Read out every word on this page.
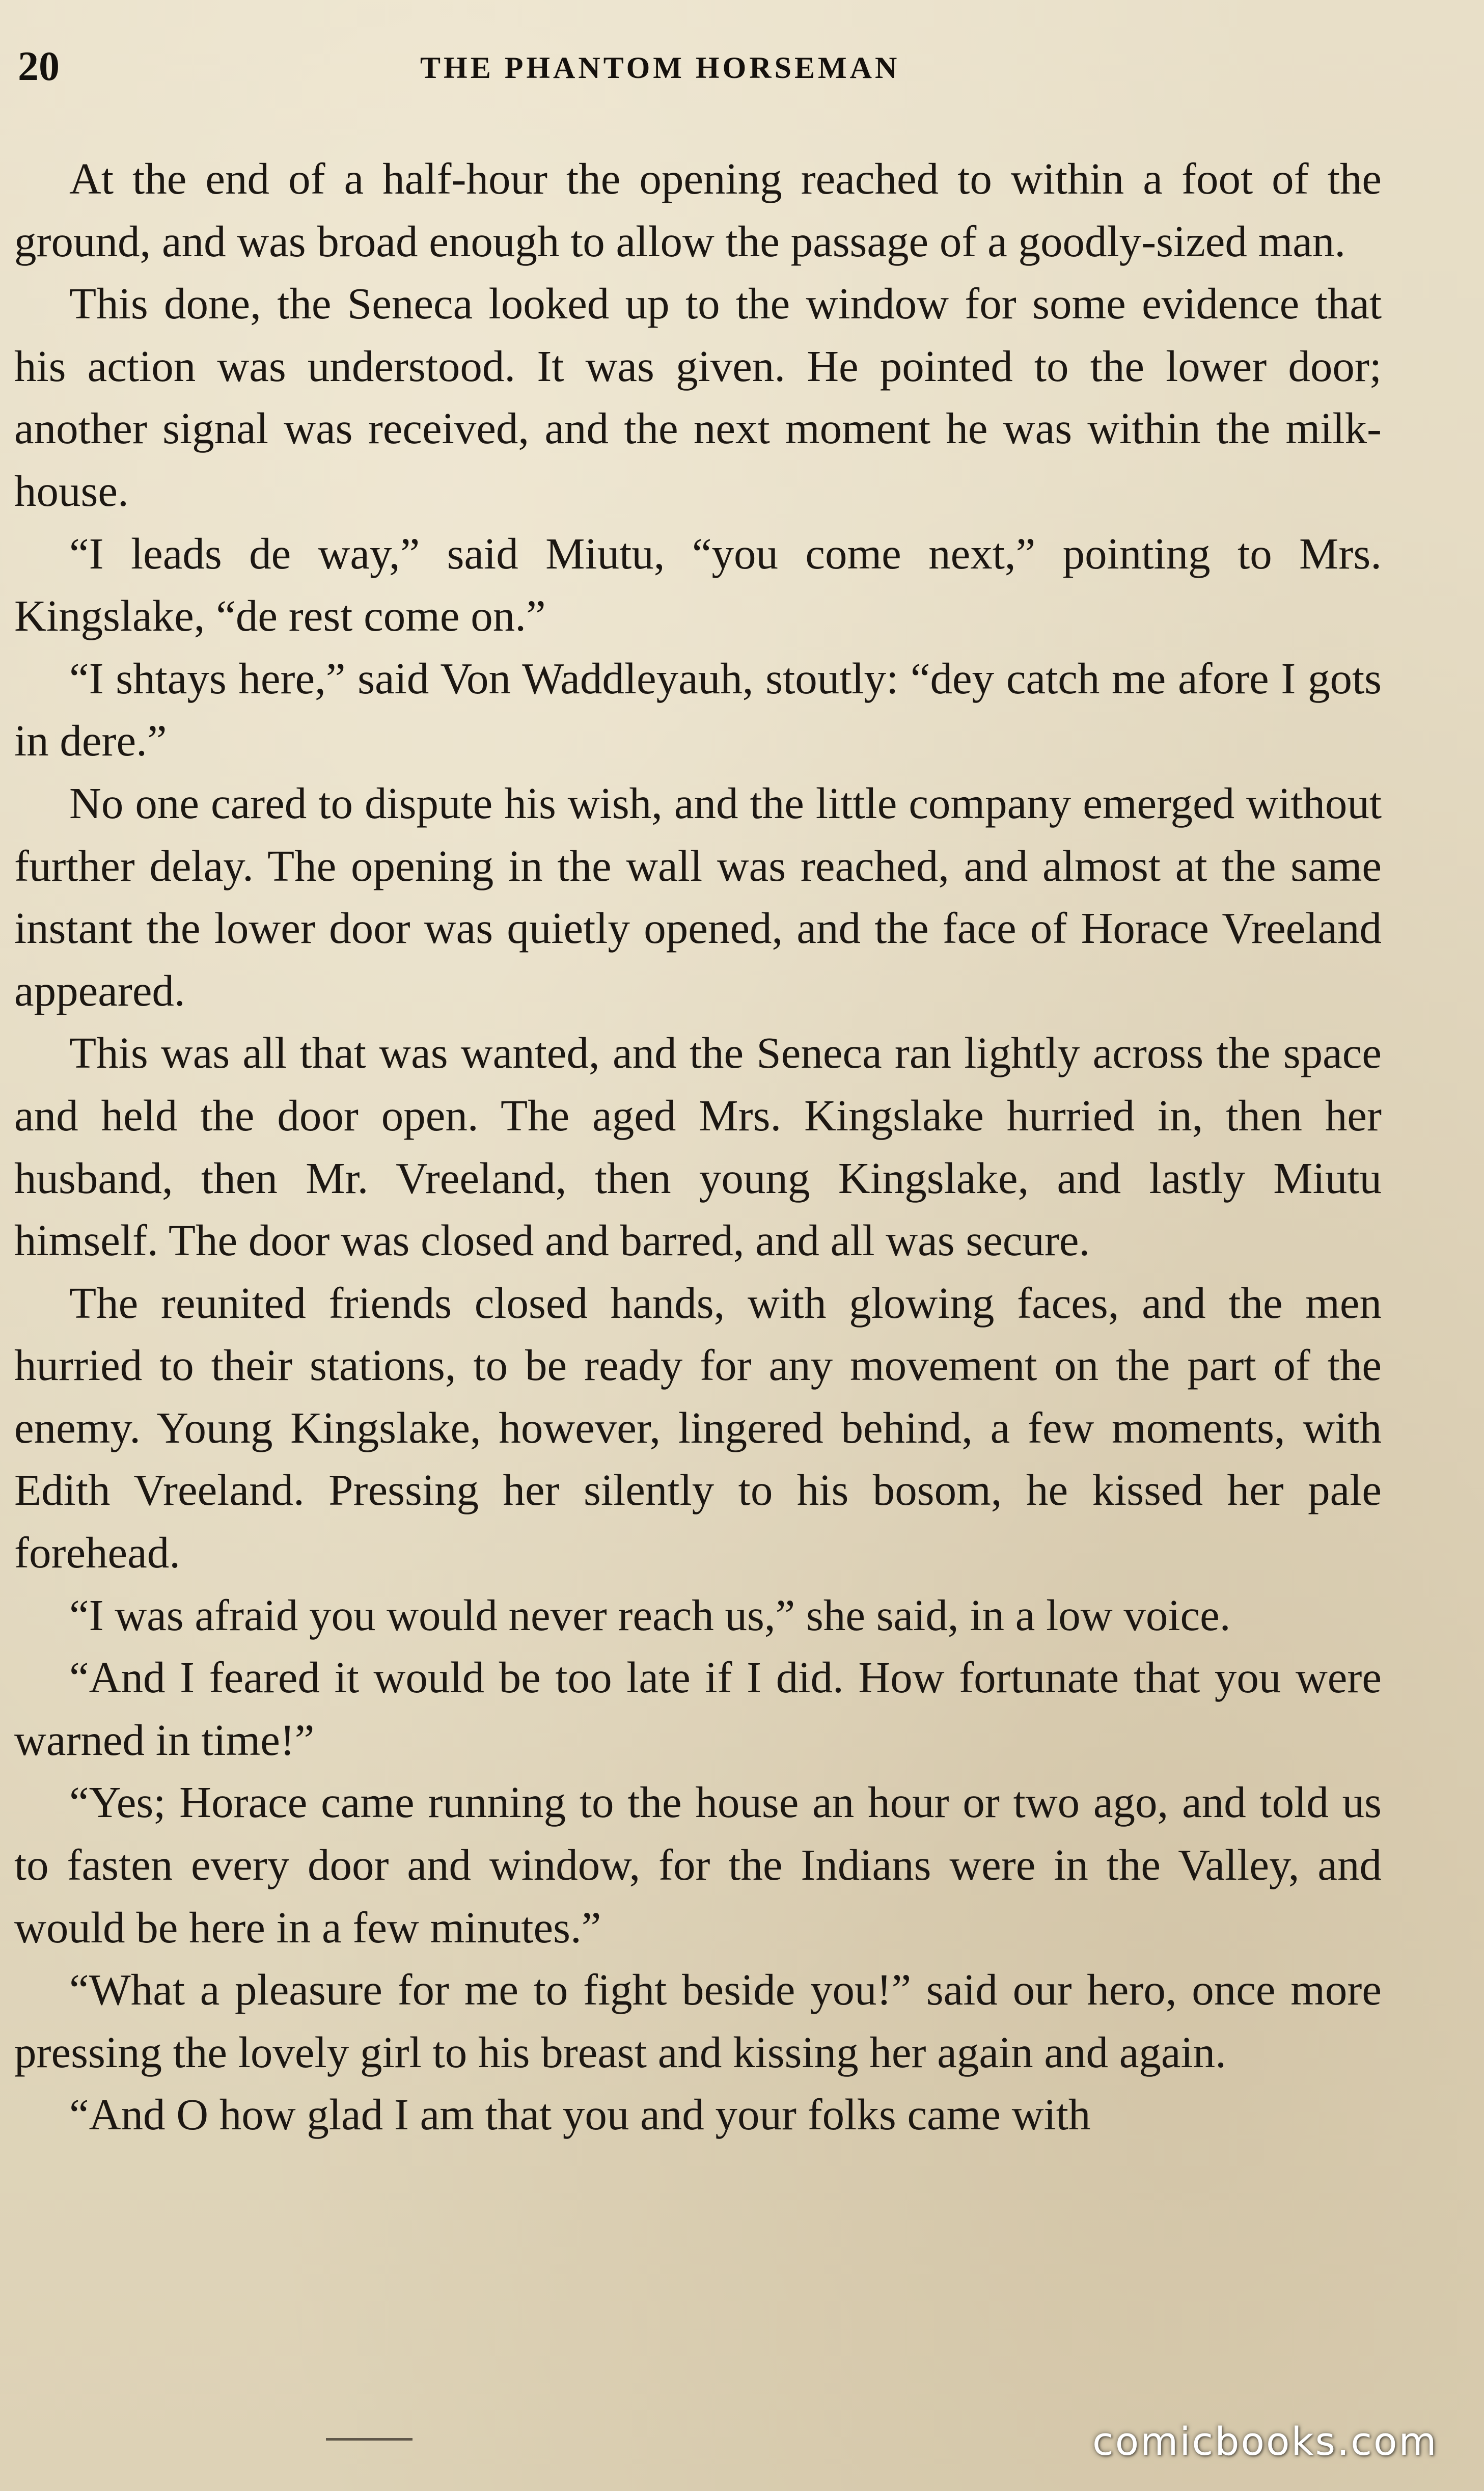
20	THE PHANTOM HORSEMAN

At the end of a half-hour the opening reached to within a foot of the ground, and was broad enough to allow the passage of a goodly-sized man.

This done, the Seneca looked up to the window for some evidence that his action was understood. It was given. He pointed to the lower door; another signal was received, and the next moment he was within the milk-house.

“I leads de way,” said Miutu, “you come next,” pointing to Mrs. Kingslake, “de rest come on.”

“I shtays here,” said Von Waddleyauh, stoutly: “dey catch me afore I gots in dere.”

No one cared to dispute his wish, and the little company emerged without further delay. The opening in the wall was reached, and almost at the same instant the lower door was quietly opened, and the face of Horace Vreeland appeared.

This was all that was wanted, and the Seneca ran lightly across the space and held the door open. The aged Mrs. Kingslake hurried in, then her husband, then Mr. Vreeland, then young Kingslake, and lastly Miutu himself. The door was closed and barred, and all was secure.

The reunited friends closed hands, with glowing faces, and the men hurried to their stations, to be ready for any movement on the part of the enemy. Young Kingslake, however, lingered behind, a few moments, with Edith Vreeland. Pressing her silently to his bosom, he kissed her pale forehead.

“I was afraid you would never reach us,” she said, in a low voice.

“And I feared it would be too late if I did. How fortunate that you were warned in time!”

“Yes; Horace came running to the house an hour or two ago, and told us to fasten every door and window, for the Indians were in the Valley, and would be here in a few minutes.”

“What a pleasure for me to fight beside you!” said our hero, once more pressing the lovely girl to his breast and kissing her again and again.

“And O how glad I am that you and your folks came with

comicbooks.com
